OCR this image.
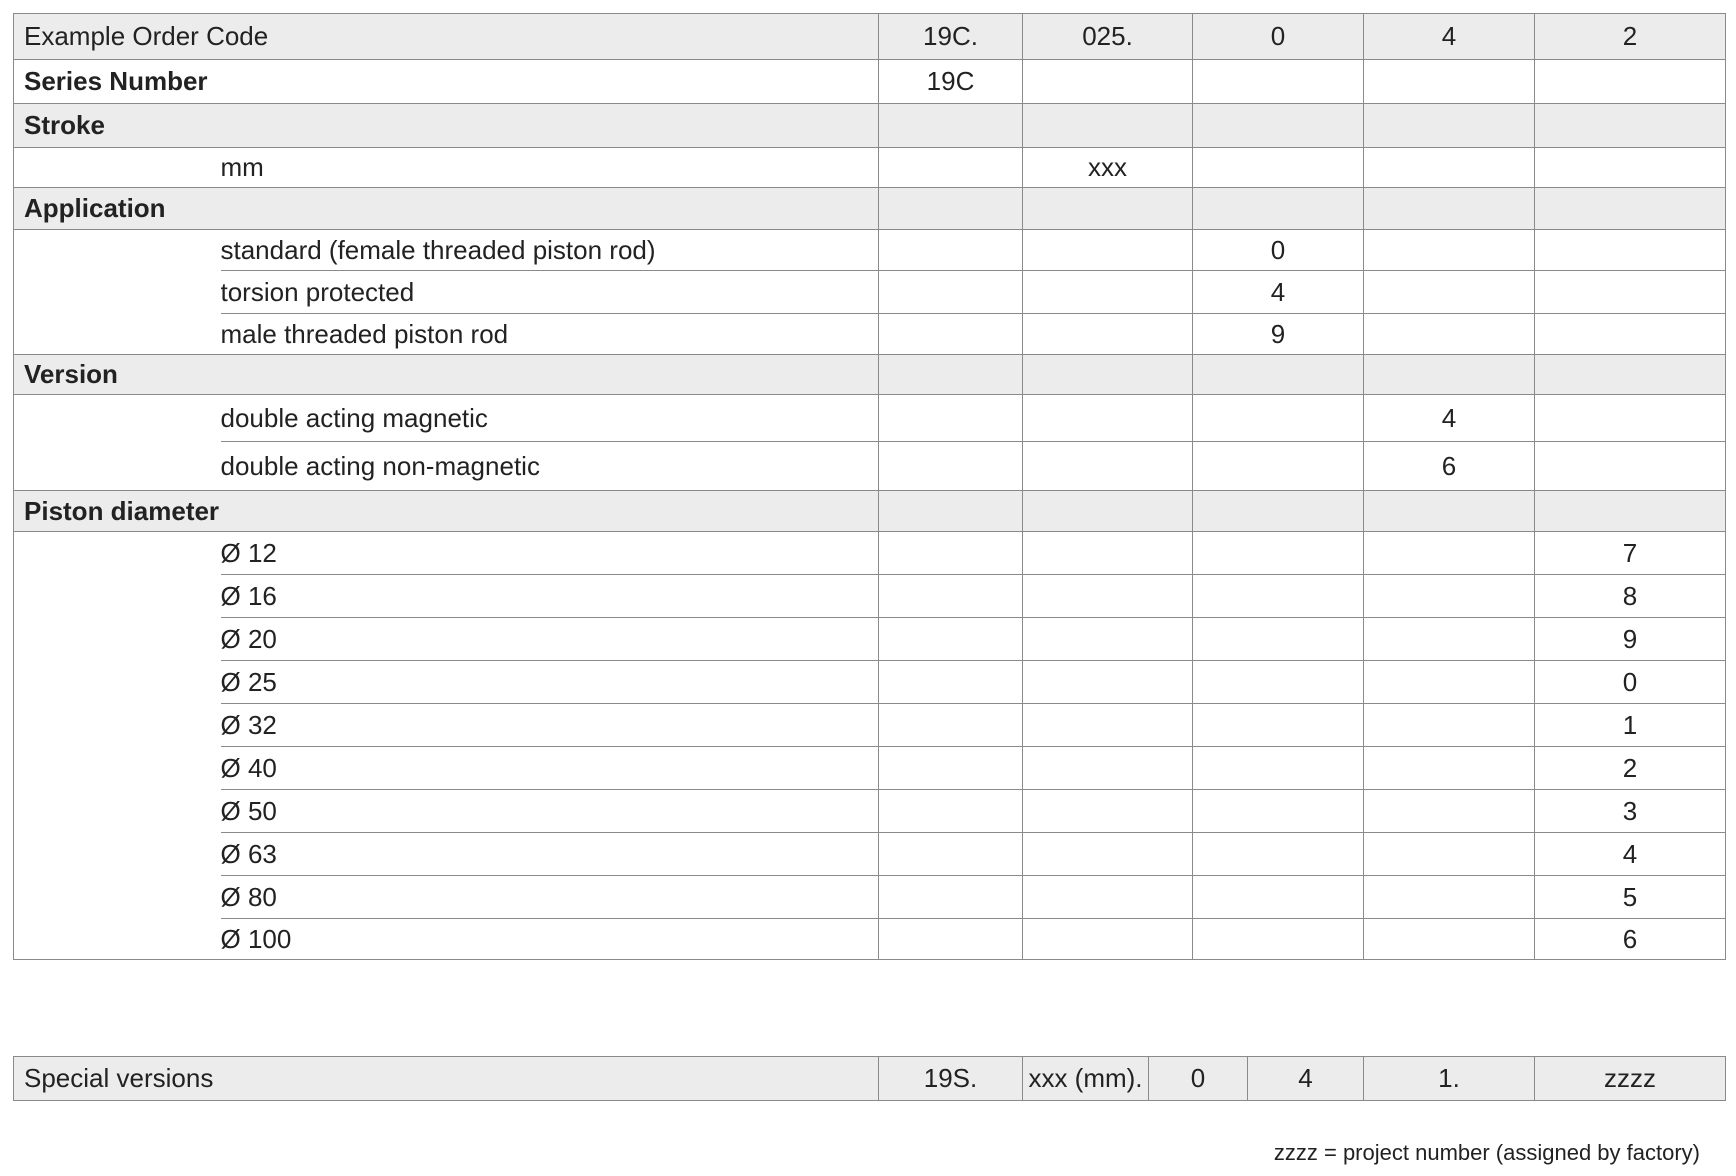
Example Order Code		19C.	025.	0	4	2
Series Number		19C				
Stroke						
	mm		xxx			
Application						
	standard (female threaded piston rod)			0		
	torsion protected			4		
	male threaded piston rod			9		
Version						
	double acting magnetic				4	
	double acting non-magnetic				6	
Piston diameter						
	Ø 12					7
	Ø 16					8
	Ø 20					9
	Ø 25					0
	Ø 32					1
	Ø 40					2
	Ø 50					3
	Ø 63					4
	Ø 80					5
	Ø 100					6
Special versions	19S.	xxx (mm).	0	4	1.	zzzz
zzzz = project number (assigned by factory)
